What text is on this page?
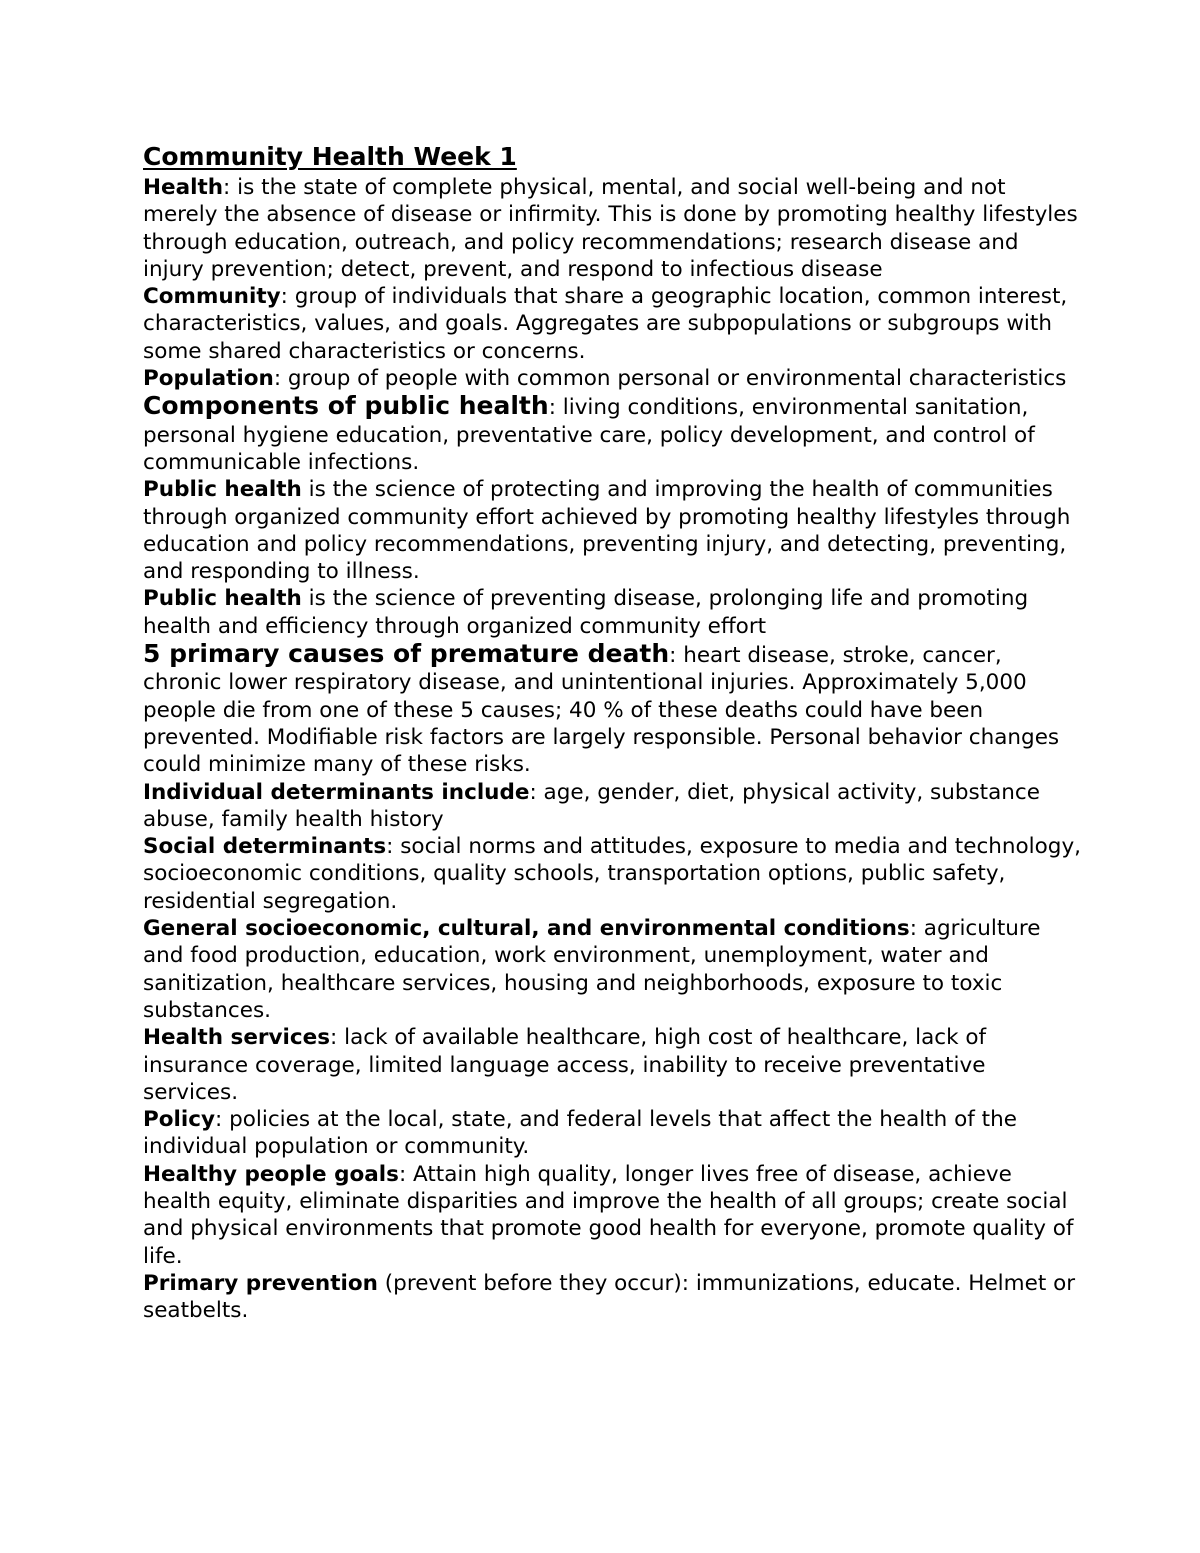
Community Health Week 1

Health: is the state of complete physical, mental, and social well-being and not merely the absence of disease or infirmity. This is done by promoting healthy lifestyles through education, outreach, and policy recommendations; research disease and injury prevention; detect, prevent, and respond to infectious disease

Community: group of individuals that share a geographic location, common interest, characteristics, values, and goals. Aggregates are subpopulations or subgroups with some shared characteristics or concerns.

Population: group of people with common personal or environmental characteristics

Components of public health: living conditions, environmental sanitation, personal hygiene education, preventative care, policy development, and control of communicable infections.

Public health is the science of protecting and improving the health of communities through organized community effort achieved by promoting healthy lifestyles through education and policy recommendations, preventing injury, and detecting, preventing, and responding to illness.

Public health is the science of preventing disease, prolonging life and promoting health and efficiency through organized community effort

5 primary causes of premature death: heart disease, stroke, cancer, chronic lower respiratory disease, and unintentional injuries. Approximately 5,000 people die from one of these 5 causes; 40 % of these deaths could have been prevented. Modifiable risk factors are largely responsible. Personal behavior changes could minimize many of these risks.

Individual determinants include: age, gender, diet, physical activity, substance abuse, family health history

Social determinants: social norms and attitudes, exposure to media and technology, socioeconomic conditions, quality schools, transportation options, public safety, residential segregation.

General socioeconomic, cultural, and environmental conditions: agriculture and food production, education, work environment, unemployment, water and sanitization, healthcare services, housing and neighborhoods, exposure to toxic substances.

Health services: lack of available healthcare, high cost of healthcare, lack of insurance coverage, limited language access, inability to receive preventative services.

Policy: policies at the local, state, and federal levels that affect the health of the individual population or community.

Healthy people goals: Attain high quality, longer lives free of disease, achieve health equity, eliminate disparities and improve the health of all groups; create social and physical environments that promote good health for everyone, promote quality of life.

Primary prevention (prevent before they occur): immunizations, educate. Helmet or seatbelts.
